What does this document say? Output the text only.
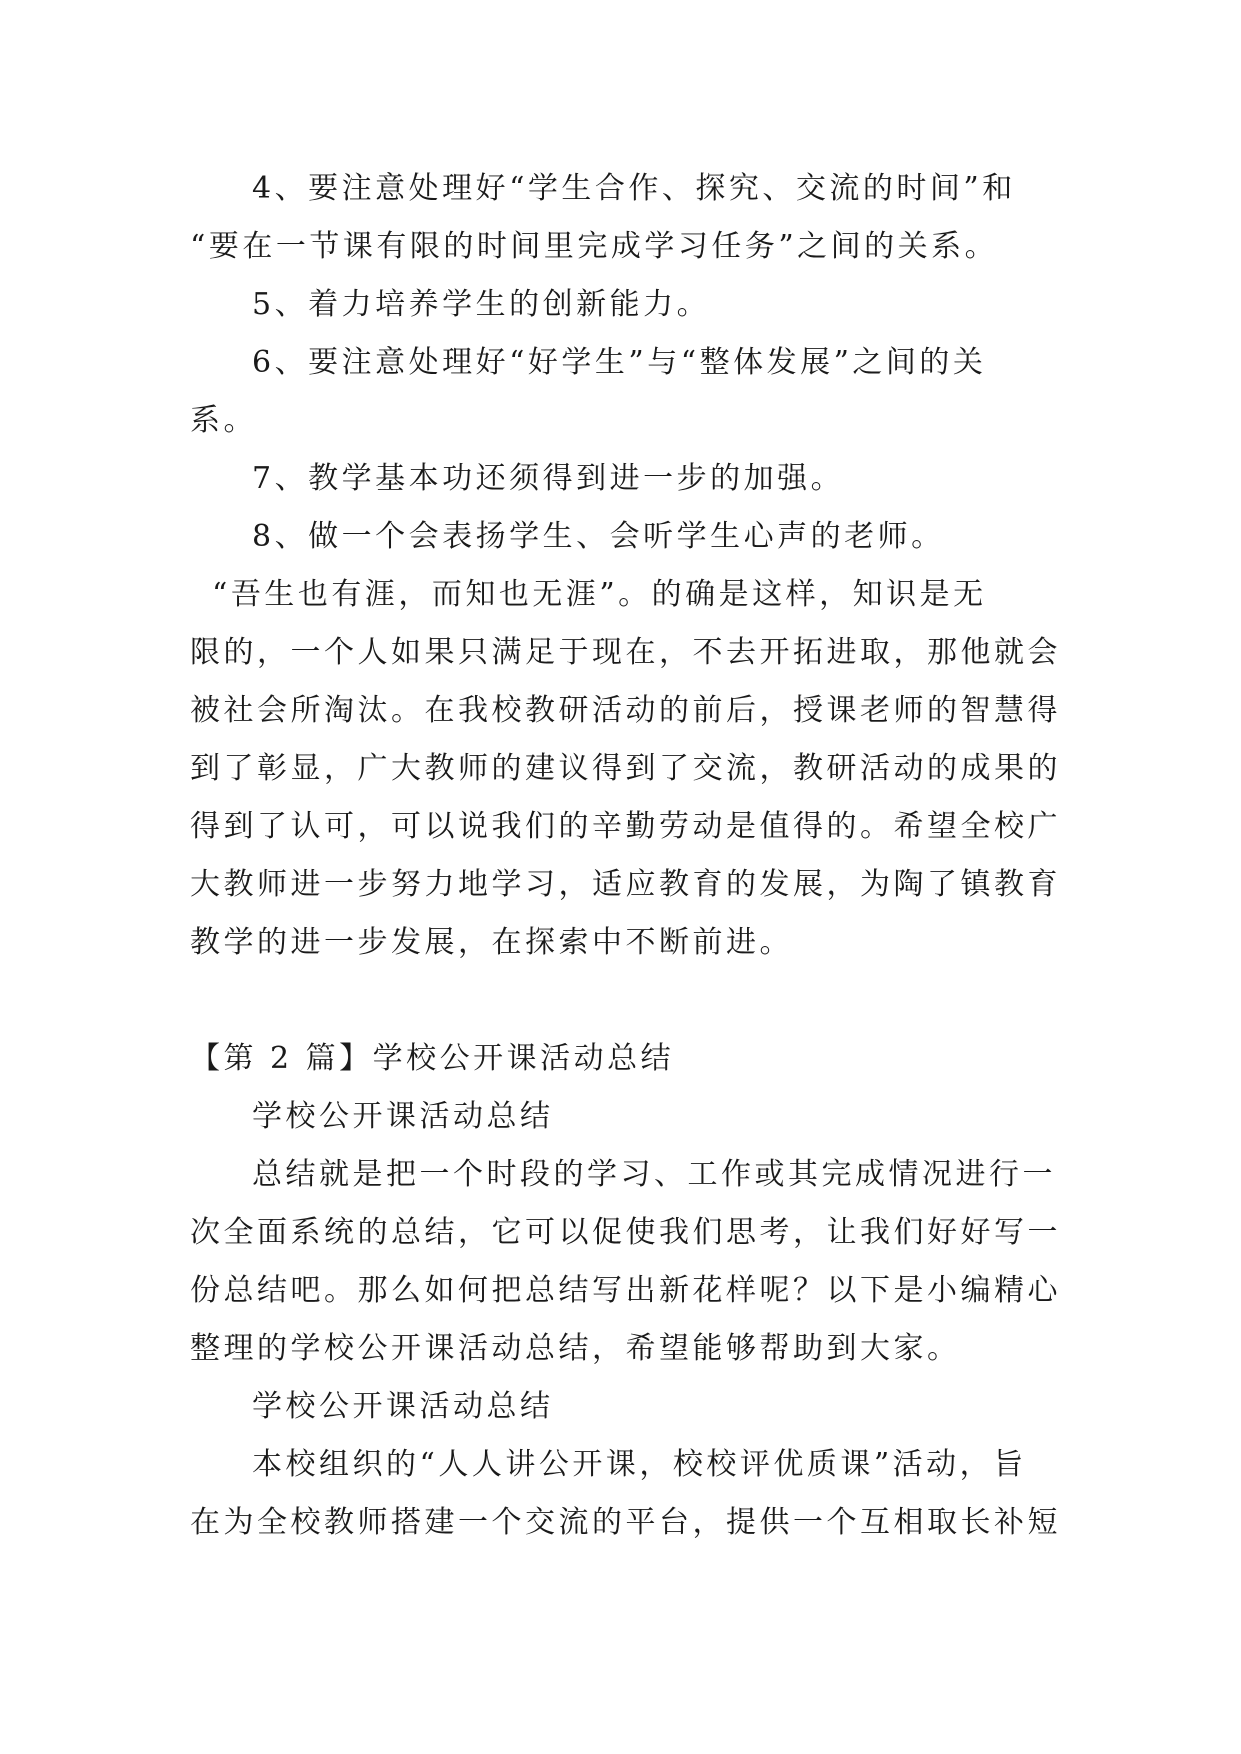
4、要注意处理好“学生合作、探究、交流的时间”和
“要在一节课有限的时间里完成学习任务”之间的关系。
5、着力培养学生的创新能力。
6、要注意处理好“好学生”与“整体发展”之间的关
系。
7、教学基本功还须得到进一步的加强。
8、做一个会表扬学生、会听学生心声的老师。
“吾生也有涯，而知也无涯”。的确是这样，知识是无
限的，一个人如果只满足于现在，不去开拓进取，那他就会
被社会所淘汰。在我校教研活动的前后，授课老师的智慧得
到了彰显，广大教师的建议得到了交流，教研活动的成果的
得到了认可，可以说我们的辛勤劳动是值得的。希望全校广
大教师进一步努力地学习，适应教育的发展，为陶了镇教育
教学的进一步发展，在探索中不断前进。
【第 2 篇】学校公开课活动总结
学校公开课活动总结
总结就是把一个时段的学习、工作或其完成情况进行一
次全面系统的总结，它可以促使我们思考，让我们好好写一
份总结吧。那么如何把总结写出新花样呢？以下是小编精心
整理的学校公开课活动总结，希望能够帮助到大家。
学校公开课活动总结
本校组织的“人人讲公开课，校校评优质课”活动，旨
在为全校教师搭建一个交流的平台，提供一个互相取长补短
